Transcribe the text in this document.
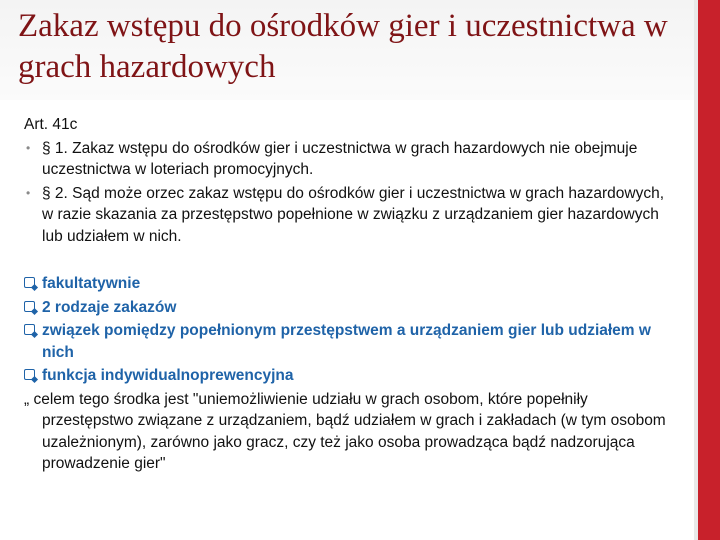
Zakaz wstępu do ośrodków gier i uczestnictwa w grach hazardowych

Art. 41c

• § 1. Zakaz wstępu do ośrodków gier i uczestnictwa w grach hazardowych nie obejmuje uczestnictwa w loteriach promocyjnych.
• § 2. Sąd może orzec zakaz wstępu do ośrodków gier i uczestnictwa w grach hazardowych, w razie skazania za przestępstwo popełnione w związku z urządzaniem gier hazardowych lub udziałem w nich.
fakultatywnie
2 rodzaje zakazów
związek pomiędzy popełnionym przestępstwem a urządzaniem gier lub udziałem w nich
funkcja indywidualnoprewencyjna

„ celem tego środka jest "uniemożliwienie udziału w grach osobom, które popełniły przestępstwo związane z urządzaniem, bądź udziałem w grach i zakładach (w tym osobom uzależnionym), zarówno jako gracz, czy też jako osoba prowadząca bądź nadzorująca prowadzenie gier"
